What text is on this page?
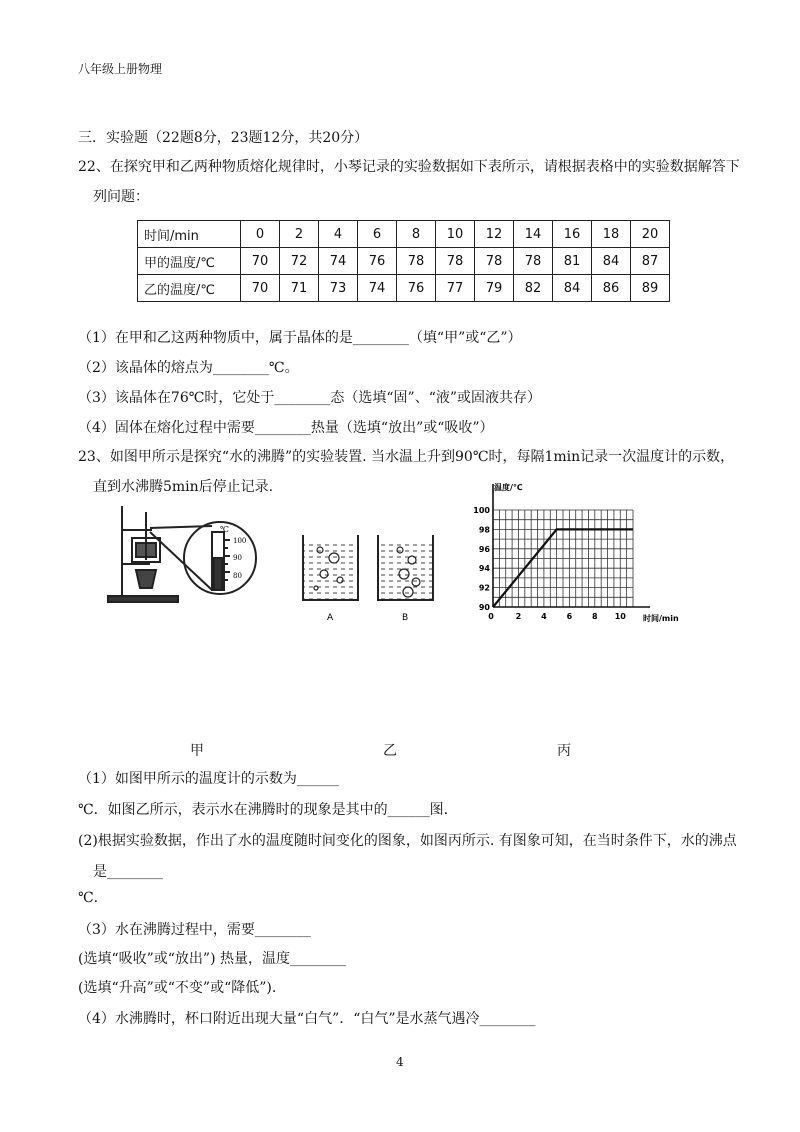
八年级上册物理
三．实验题（22题8分，23题12分，共20分）
22、在探究甲和乙两种物质熔化规律时，小琴记录的实验数据如下表所示，请根据表格中的实验数据解答下
列问题：
时间/min	0	2	4	6	8	10	12	14	16	18	20
甲的温度/℃	70	72	74	76	78	78	78	78	81	84	87
乙的温度/℃	70	71	73	74	76	77	79	82	84	86	89
（1）在甲和乙这两种物质中，属于晶体的是________（填“甲”或“乙”）
（2）该晶体的熔点为________℃。
（3）该晶体在76℃时，它处于________态（选填“固”、“液”或固液共存）
（4）固体在熔化过程中需要________热量（选填“放出”或“吸收”）
23、如图甲所示是探究“水的沸腾”的实验装置. 当水温上升到90℃时，每隔1min记录一次温度计的示数，
直到水沸腾5min后停止记录.
℃
100
90
80
A	B
100
98
96
94
92
90
0	2 4 6 8 10
温度/℃
时间/min
甲	乙	丙
（1）如图甲所示的温度计的示数为______
℃．如图乙所示，表示水在沸腾时的现象是其中的______图.
(2)根据实验数据，作出了水的温度随时间变化的图象，如图丙所示. 有图象可知，在当时条件下，水的沸点
是________
℃.
（3）水在沸腾过程中，需要________
(选填“吸收”或“放出”) 热量，温度________
(选填“升高”或“不变”或“降低”).
（4）水沸腾时，杯口附近出现大量“白气”．“白气”是水蒸气遇冷________
4
